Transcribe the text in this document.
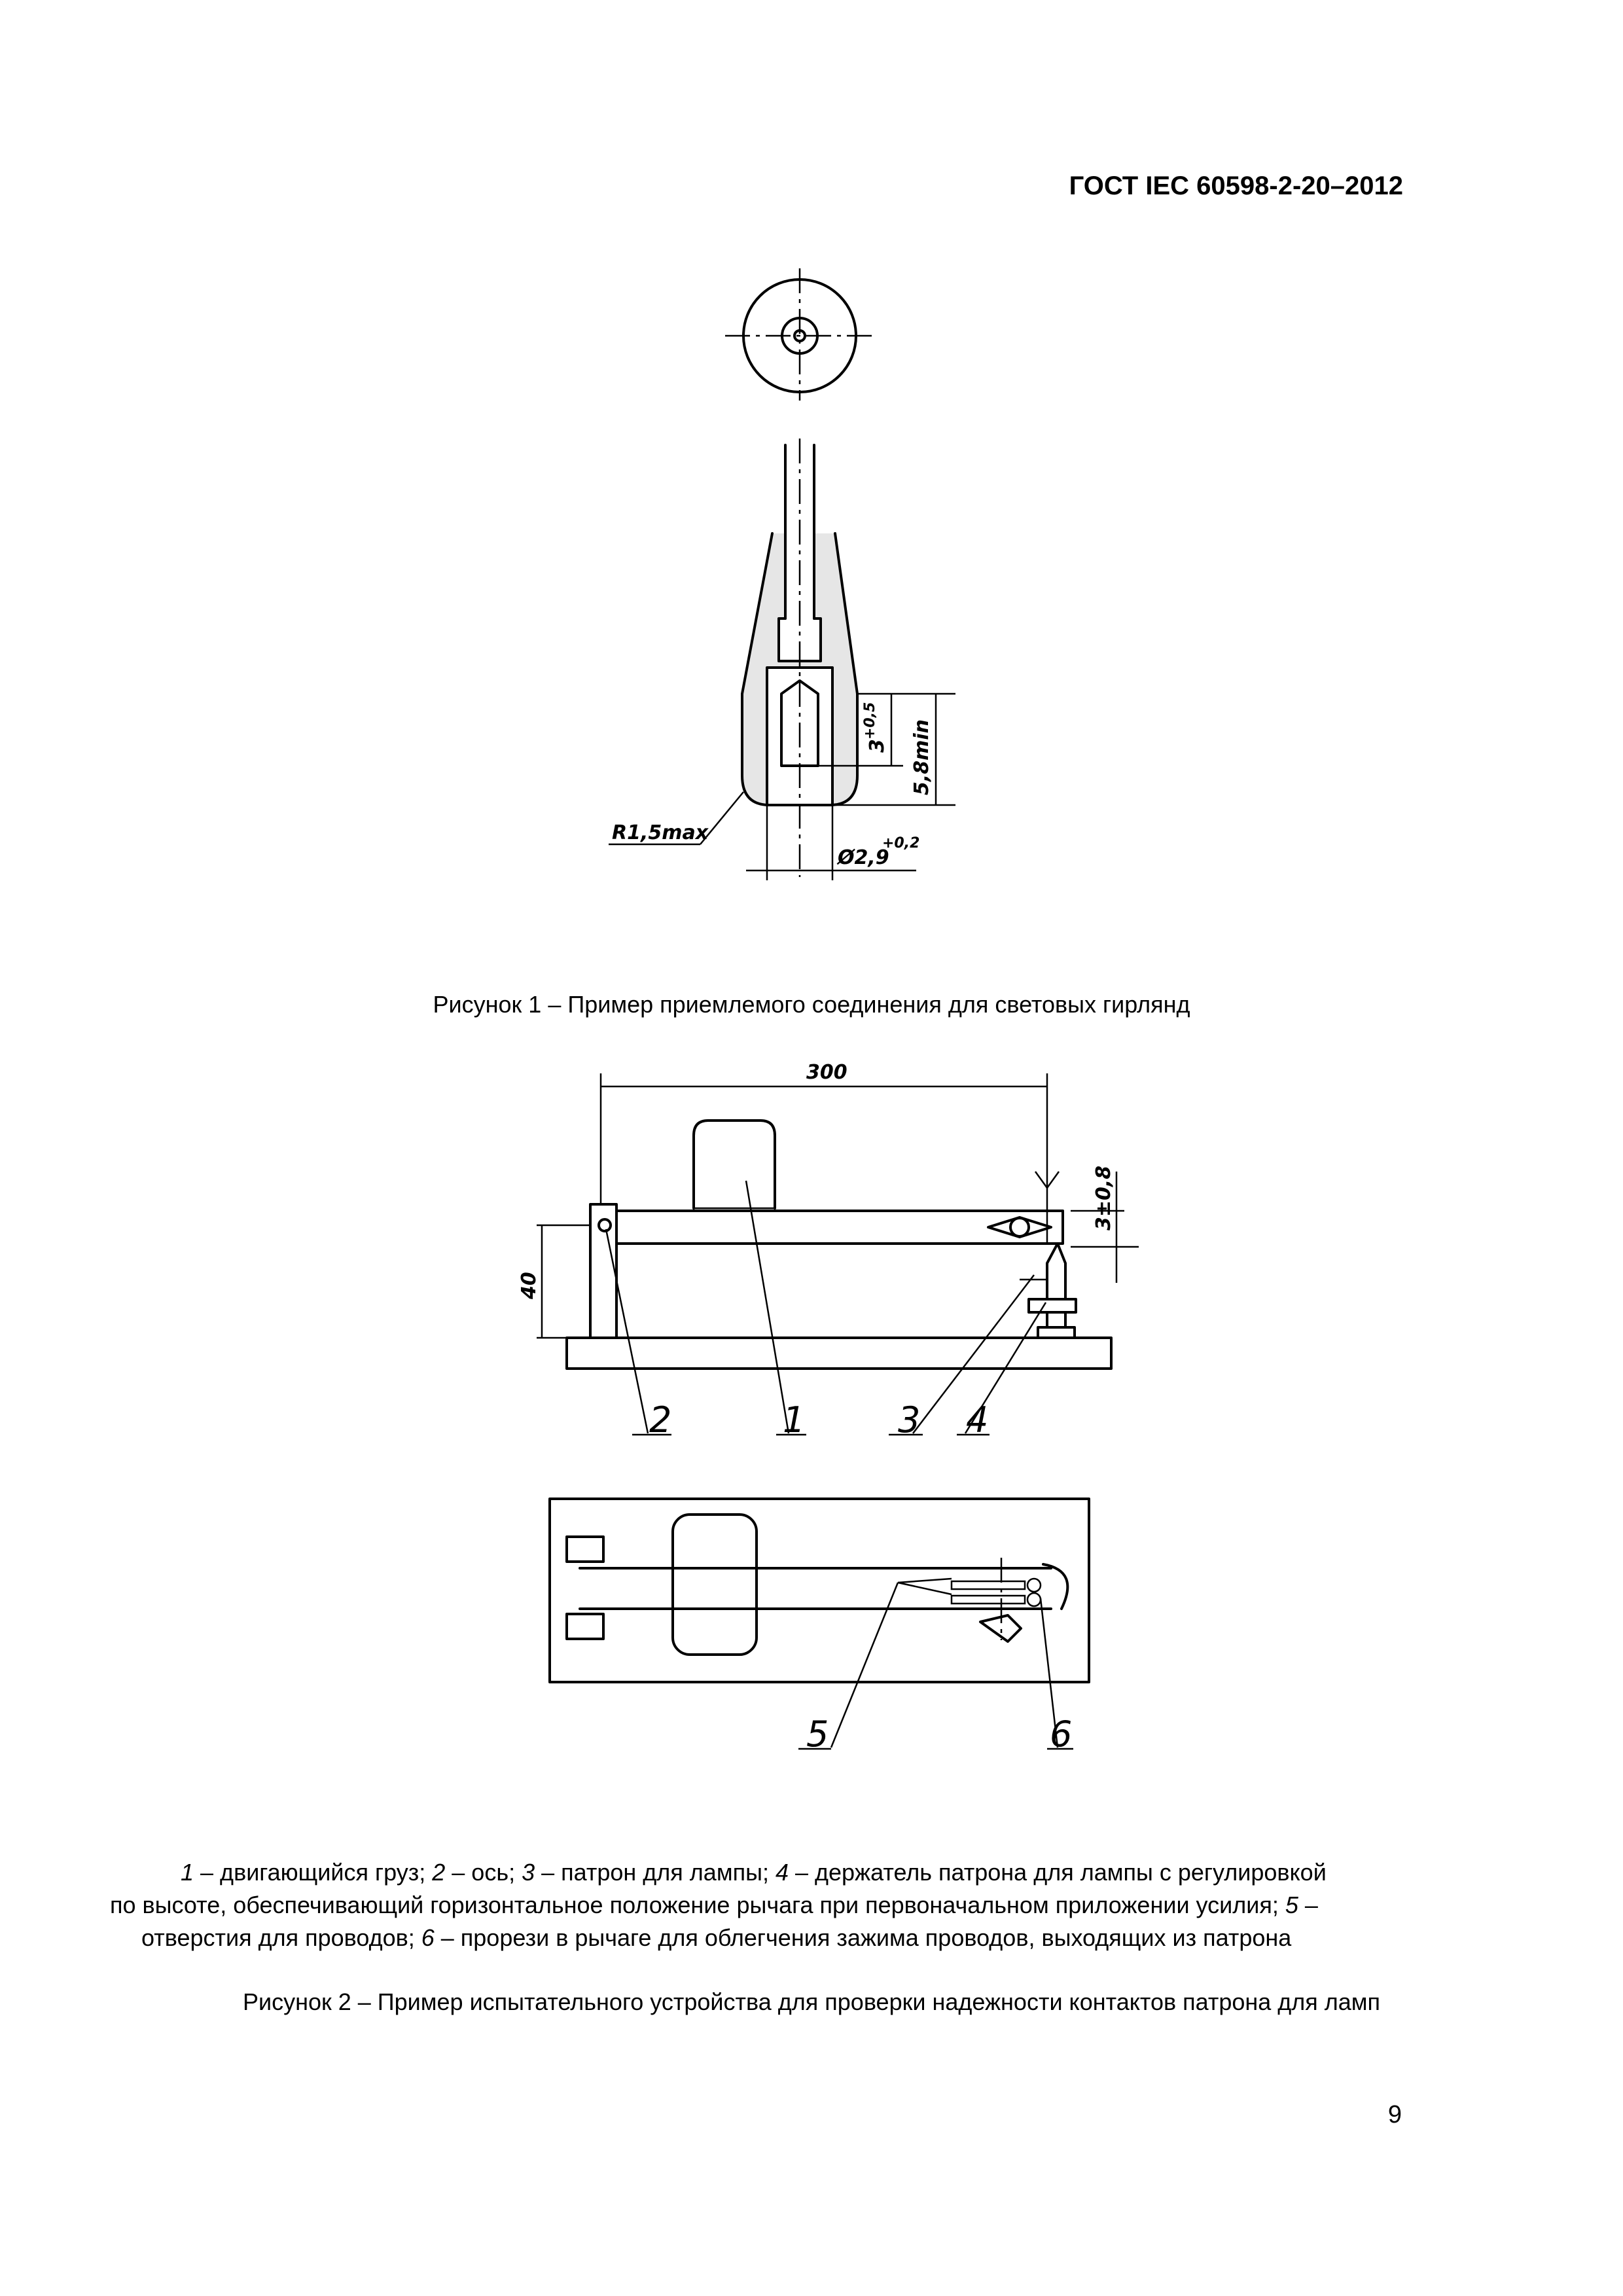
ГОСТ IEC 60598-2-20–2012
R1,5max
Ø2,9
+0,2
3
+0,5 5,8min
Рисунок 1 – Пример приемлемого соединения для световых гирлянд
300
40
3±0,8
1
2	3 4
5	6

1 – двигающийся груз; 2 – ось; 3 – патрон для лампы; 4 – держатель патрона для лампы с регулировкой

по высоте, обеспечивающий горизонтальное положение рычага при первоначальном приложении усилия; 5 –

отверстия для проводов; 6 – прорези в рычаге для облегчения зажима проводов, выходящих из патрона

Рисунок 2 – Пример испытательного устройства для проверки надежности контактов патрона для ламп
9
